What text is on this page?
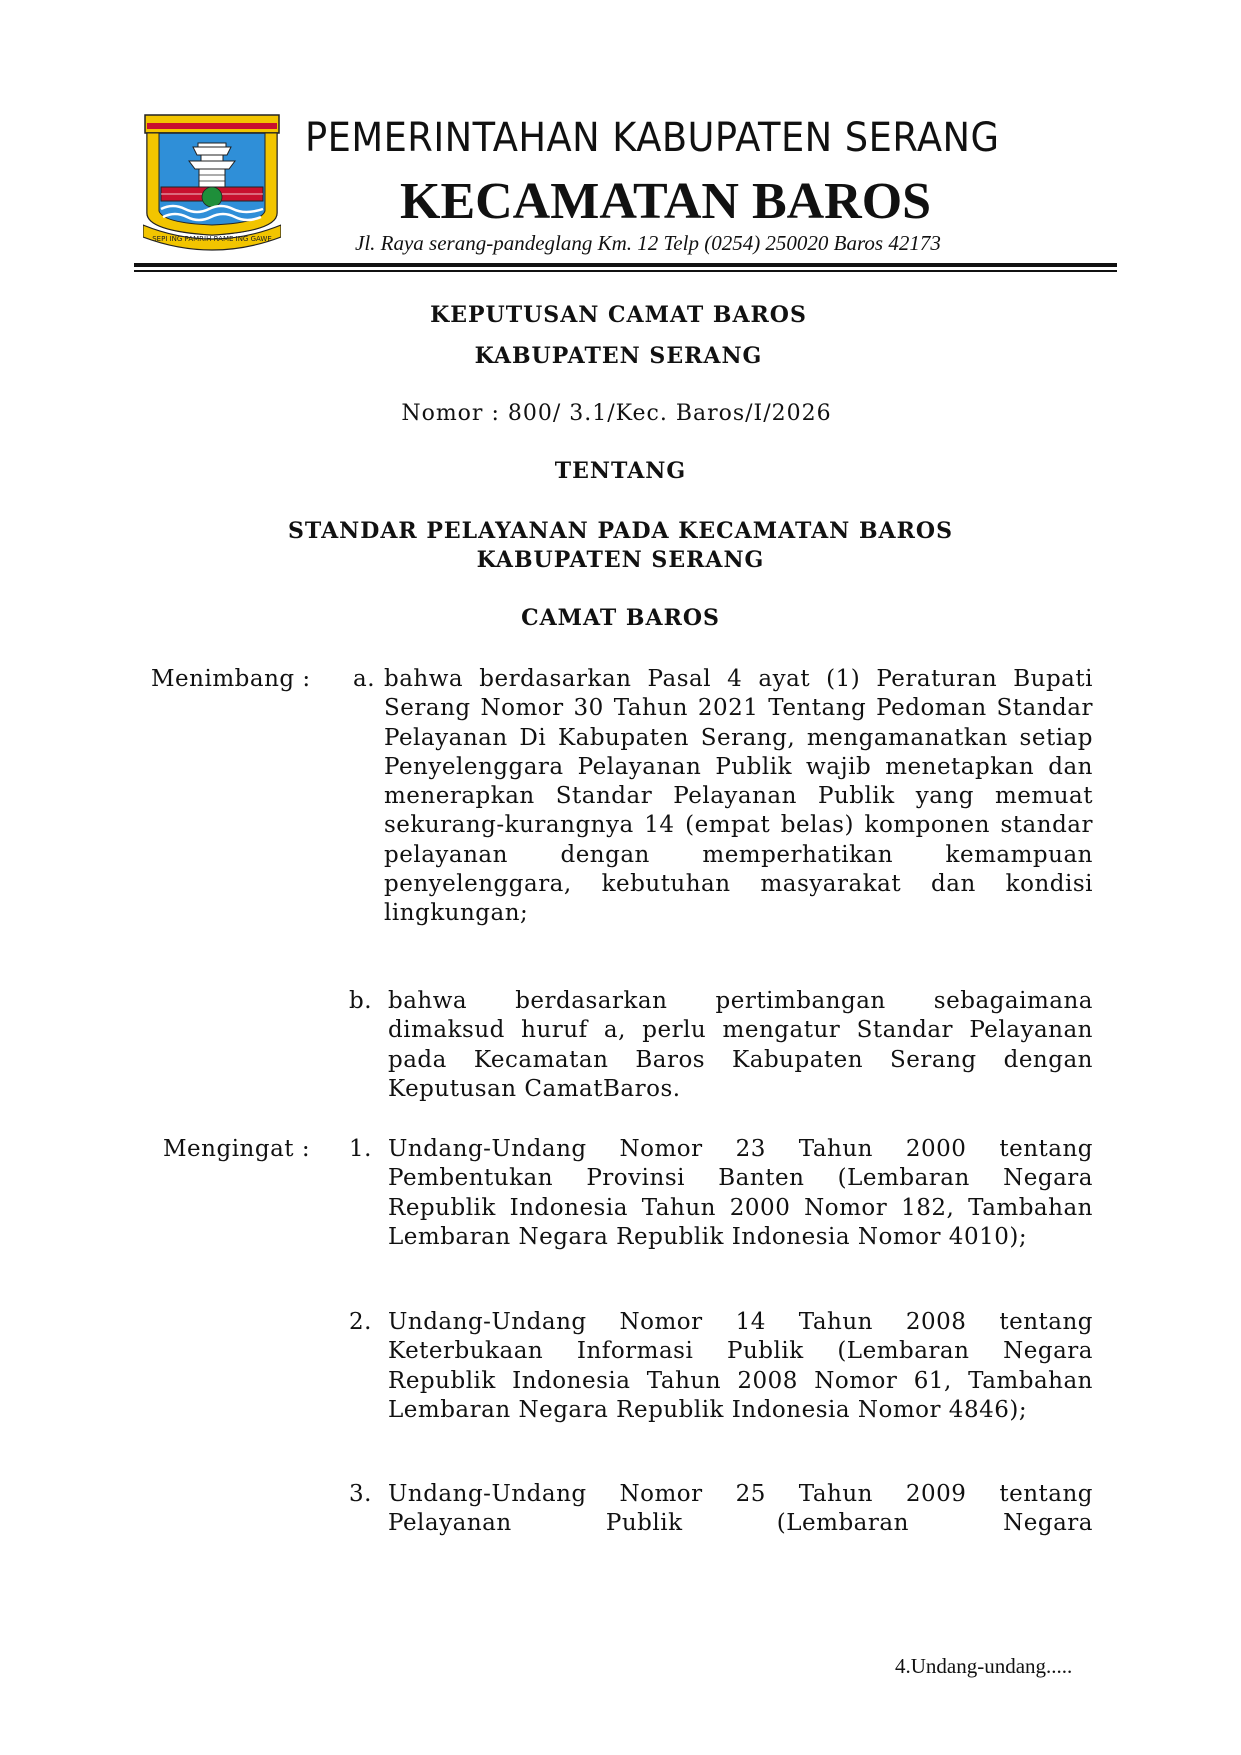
SEPI ING PAMRIH RAME ING GAWE
PEMERINTAHAN KABUPATEN SERANG
KECAMATAN BAROS
Jl. Raya serang-pandeglang Km. 12 Telp (0254) 250020 Baros 42173
KEPUTUSAN CAMAT BAROS
KABUPATEN SERANG
Nomor : 800/ 3.1/Kec. Baros/I/2026
TENTANG
STANDAR PELAYANAN PADA KECAMATAN BAROS
KABUPATEN SERANG
CAMAT BAROS
Menimbang : a. bahwa berdasarkan Pasal 4 ayat (1) Peraturan Bupati Serang Nomor 30 Tahun 2021 Tentang Pedoman Standar Pelayanan Di Kabupaten Serang, mengamanatkan setiap Penyelenggara Pelayanan Publik wajib menetapkan dan menerapkan Standar Pelayanan Publik yang memuat sekurang-kurangnya 14 (empat belas) komponen standar pelayanan dengan memperhatikan kemampuan penyelenggara, kebutuhan masyarakat dan kondisi lingkungan;
b. bahwa berdasarkan pertimbangan sebagaimana dimaksud huruf a, perlu mengatur Standar Pelayanan pada Kecamatan Baros Kabupaten Serang dengan Keputusan CamatBaros.
Mengingat : 1. Undang-Undang Nomor 23 Tahun 2000 tentang Pembentukan Provinsi Banten (Lembaran Negara Republik Indonesia Tahun 2000 Nomor 182, Tambahan Lembaran Negara Republik Indonesia Nomor 4010);
2. Undang-Undang Nomor 14 Tahun 2008 tentang Keterbukaan Informasi Publik (Lembaran Negara Republik Indonesia Tahun 2008 Nomor 61, Tambahan Lembaran Negara Republik Indonesia Nomor 4846);
3. Undang-Undang Nomor 25 Tahun 2009 tentang Pelayanan Publik (Lembaran Negara
4.Undang-undang.....
